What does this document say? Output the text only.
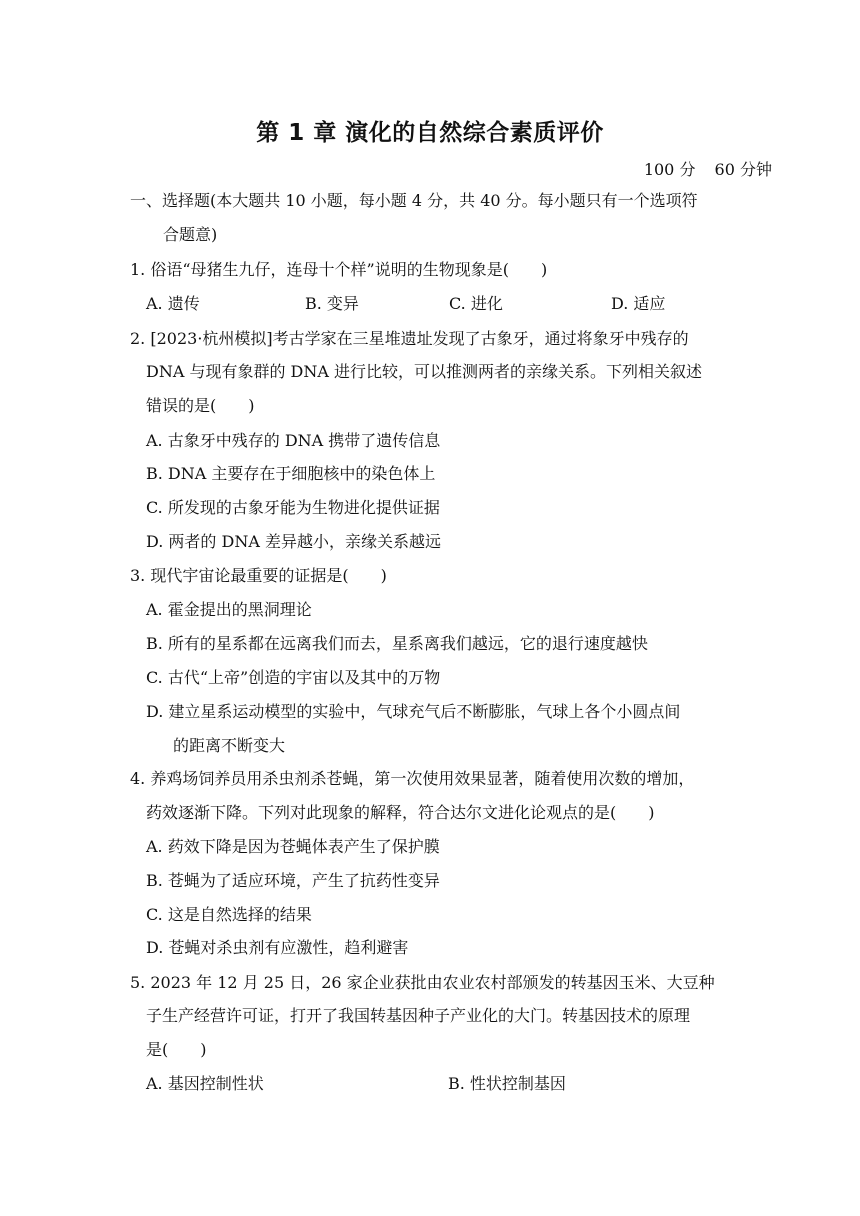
第 1 章 演化的自然综合素质评价
100 分 60 分钟
一、选择题(本大题共 10 小题，每小题 4 分，共 40 分。每小题只有一个选项符
合题意)
1. 俗语“母猪生九仔，连母十个样”说明的生物现象是(　　)
A. 遗传	B. 变异	C. 进化	D. 适应
2. [2023·杭州模拟]考古学家在三星堆遗址发现了古象牙，通过将象牙中残存的
DNA 与现有象群的 DNA 进行比较，可以推测两者的亲缘关系。下列相关叙述
错误的是(　　)
A. 古象牙中残存的 DNA 携带了遗传信息
B. DNA 主要存在于细胞核中的染色体上
C. 所发现的古象牙能为生物进化提供证据
D. 两者的 DNA 差异越小，亲缘关系越远
3. 现代宇宙论最重要的证据是(　　)
A. 霍金提出的黑洞理论
B. 所有的星系都在远离我们而去，星系离我们越远，它的退行速度越快
C. 古代“上帝”创造的宇宙以及其中的万物
D. 建立星系运动模型的实验中，气球充气后不断膨胀，气球上各个小圆点间
的距离不断变大
4. 养鸡场饲养员用杀虫剂杀苍蝇，第一次使用效果显著，随着使用次数的增加，
药效逐渐下降。下列对此现象的解释，符合达尔文进化论观点的是(　　)
A. 药效下降是因为苍蝇体表产生了保护膜
B. 苍蝇为了适应环境，产生了抗药性变异
C. 这是自然选择的结果
D. 苍蝇对杀虫剂有应激性，趋利避害
5. 2023 年 12 月 25 日，26 家企业获批由农业农村部颁发的转基因玉米、大豆种
子生产经营许可证，打开了我国转基因种子产业化的大门。转基因技术的原理
是(　　)
A. 基因控制性状	B. 性状控制基因
